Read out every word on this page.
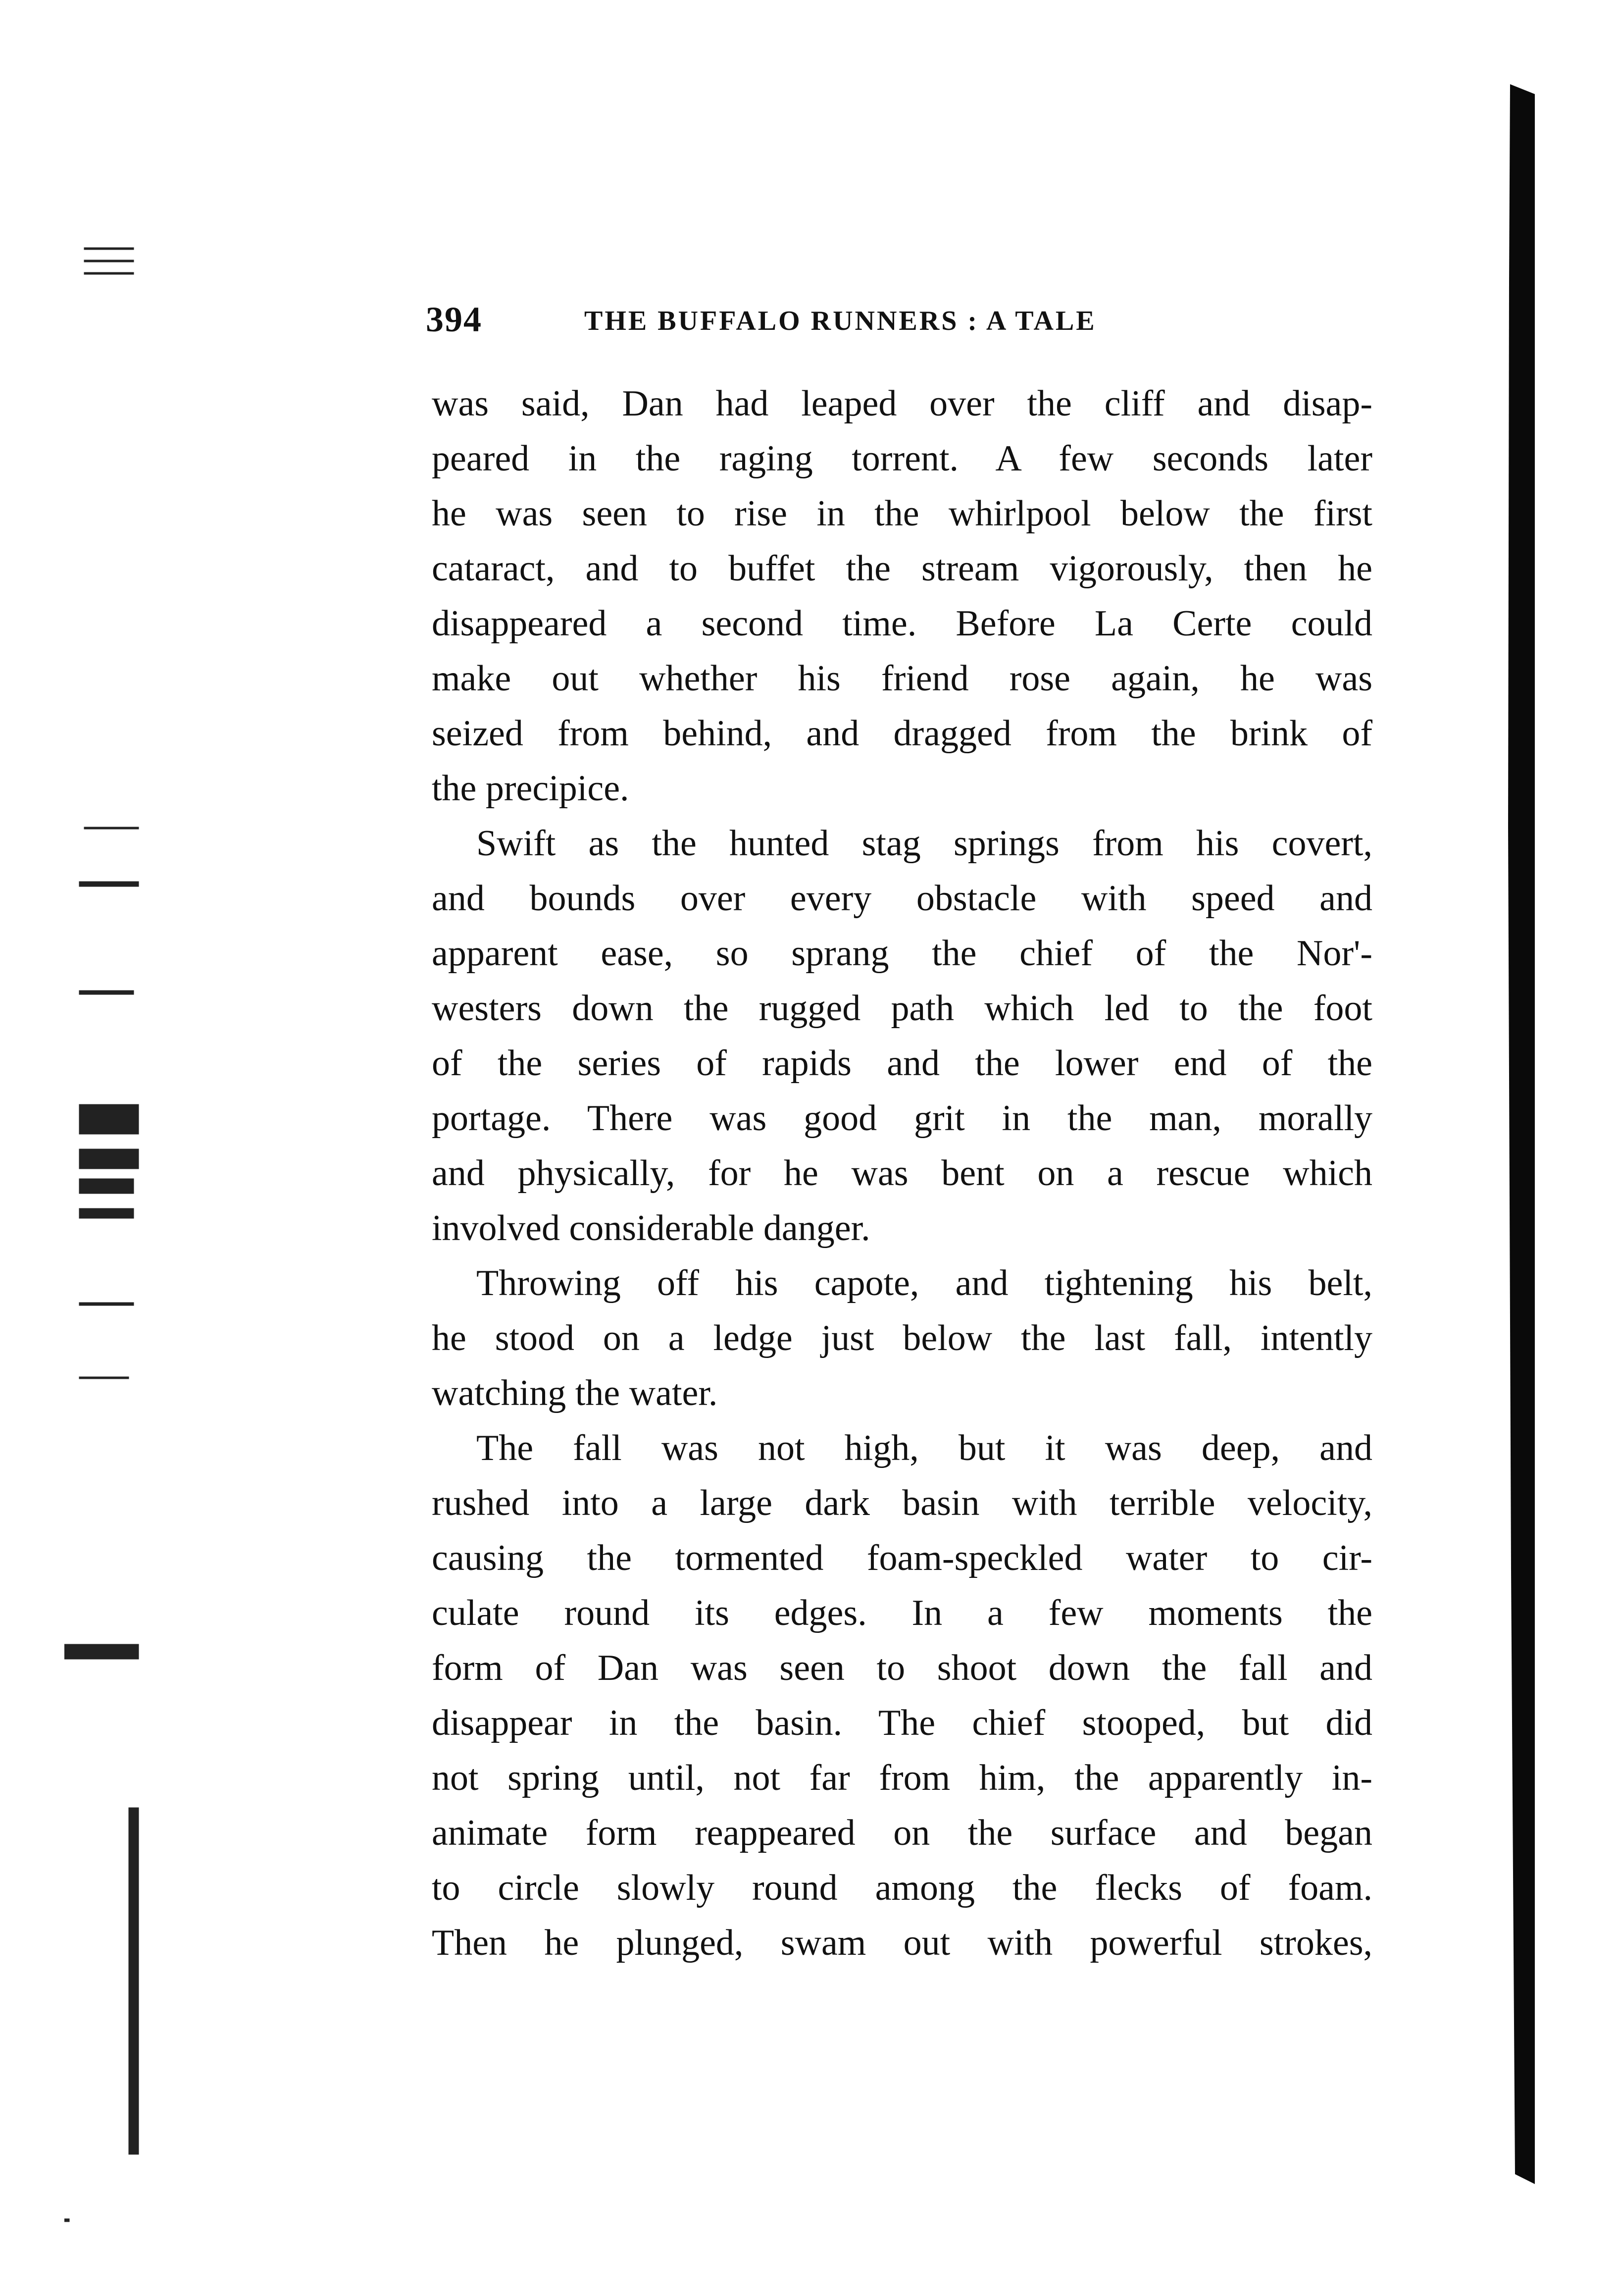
394	THE BUFFALO RUNNERS : A TALE

was said, Dan had leaped over the cliff and disap-
peared in the raging torrent. A few seconds later
he was seen to rise in the whirlpool below the first
cataract, and to buffet the stream vigorously, then he
disappeared a second time. Before La Certe could
make out whether his friend rose again, he was
seized from behind, and dragged from the brink of
the precipice.

Swift as the hunted stag springs from his covert,
and bounds over every obstacle with speed and
apparent ease, so sprang the chief of the Nor'-
westers down the rugged path which led to the foot
of the series of rapids and the lower end of the
portage. There was good grit in the man, morally
and physically, for he was bent on a rescue which
involved considerable danger.

Throwing off his capote, and tightening his belt,
he stood on a ledge just below the last fall, intently
watching the water.

The fall was not high, but it was deep, and
rushed into a large dark basin with terrible velocity,
causing the tormented foam-speckled water to cir-
culate round its edges. In a few moments the
form of Dan was seen to shoot down the fall and
disappear in the basin. The chief stooped, but did
not spring until, not far from him, the apparently in-
animate form reappeared on the surface and began
to circle slowly round among the flecks of foam.
Then he plunged, swam out with powerful strokes,
